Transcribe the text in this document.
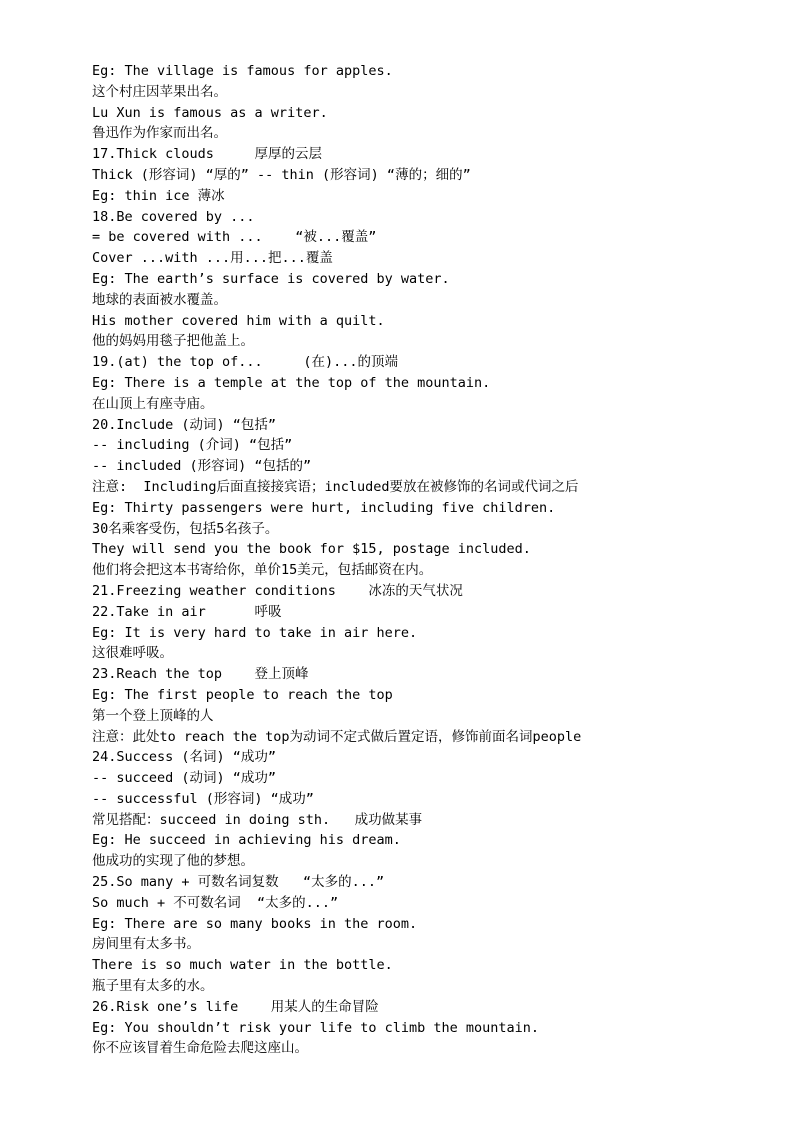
Eg: The village is famous for apples.
这个村庄因苹果出名。
Lu Xun is famous as a writer.
鲁迅作为作家而出名。
17.Thick clouds     厚厚的云层
Thick (形容词) “厚的” -- thin (形容词) “薄的；细的”
Eg: thin ice 薄冰
18.Be covered by ...
= be covered with ...    “被...覆盖”
Cover ...with ...用...把...覆盖
Eg: The earth’s surface is covered by water.
地球的表面被水覆盖。
His mother covered him with a quilt.
他的妈妈用毯子把他盖上。
19.(at) the top of...     (在)...的顶端
Eg: There is a temple at the top of the mountain.
在山顶上有座寺庙。
20.Include (动词) “包括”
-- including (介词) “包括”
-- included (形容词) “包括的”
注意:  Including后面直接接宾语；included要放在被修饰的名词或代词之后
Eg: Thirty passengers were hurt, including five children.
30名乘客受伤，包括5名孩子。
They will send you the book for $15, postage included.
他们将会把这本书寄给你，单价15美元，包括邮资在内。
21.Freezing weather conditions    冰冻的天气状况
22.Take in air      呼吸
Eg: It is very hard to take in air here.
这很难呼吸。
23.Reach the top    登上顶峰
Eg: The first people to reach the top
第一个登上顶峰的人
注意：此处to reach the top为动词不定式做后置定语，修饰前面名词people
24.Success (名词) “成功”
-- succeed (动词) “成功”
-- successful (形容词) “成功”
常见搭配：succeed in doing sth.   成功做某事
Eg: He succeed in achieving his dream.
他成功的实现了他的梦想。
25.So many + 可数名词复数   “太多的...”
So much + 不可数名词  “太多的...”
Eg: There are so many books in the room.
房间里有太多书。
There is so much water in the bottle.
瓶子里有太多的水。
26.Risk one’s life    用某人的生命冒险
Eg: You shouldn’t risk your life to climb the mountain.
你不应该冒着生命危险去爬这座山。
